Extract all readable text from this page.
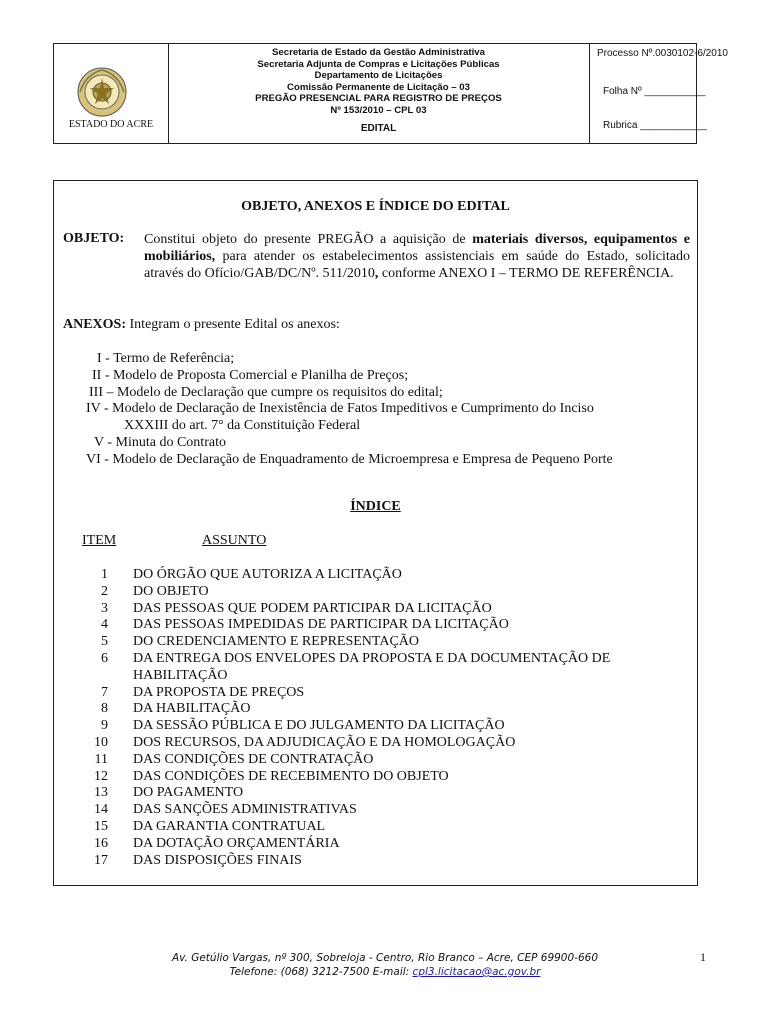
ESTADO DO ACRE
Secretaria de Estado da Gestão Administrativa
Secretaria Adjunta de Compras e Licitações Públicas
Departamento de Licitações
Comissão Permanente de Licitação – 03
PREGÃO PRESENCIAL PARA REGISTRO DE PREÇOS
Nº 153/2010 – CPL 03
EDITAL
Processo Nº.0030102-6/2010
Folha Nº ___________
Rubrica ____________
OBJETO, ANEXOS E ÍNDICE DO EDITAL
OBJETO: Constitui objeto do presente PREGÃO a aquisição de materiais diversos, equipamentos e mobiliários, para atender os estabelecimentos assistenciais em saúde do Estado, solicitado através do Ofício/GAB/DC/Nº. 511/2010, conforme ANEXO I – TERMO DE REFERÊNCIA.
ANEXOS: Integram o presente Edital os anexos:
I - Termo de Referência;
II - Modelo de Proposta Comercial e Planilha de Preços;
III – Modelo de Declaração que cumpre os requisitos do edital;
IV - Modelo de Declaração de Inexistência de Fatos Impeditivos e Cumprimento do Inciso
XXXIII do art. 7° da Constituição Federal
V - Minuta do Contrato
VI - Modelo de Declaração de Enquadramento de Microempresa e Empresa de Pequeno Porte
ÍNDICE
ITEM	ASSUNTO
1 DO ÓRGÃO QUE AUTORIZA A LICITAÇÃO
2 DO OBJETO
3 DAS PESSOAS QUE PODEM PARTICIPAR DA LICITAÇÃO
4 DAS PESSOAS IMPEDIDAS DE PARTICIPAR DA LICITAÇÃO
5 DO CREDENCIAMENTO E REPRESENTAÇÃO
6 DA ENTREGA DOS ENVELOPES DA PROPOSTA E DA DOCUMENTAÇÃO DE HABILITAÇÃO
7 DA PROPOSTA DE PREÇOS
8 DA HABILITAÇÃO
9 DA SESSÃO PÚBLICA E DO JULGAMENTO DA LICITAÇÃO
10 DOS RECURSOS, DA ADJUDICAÇÃO E DA HOMOLOGAÇÃO
11 DAS CONDIÇÕES DE CONTRATAÇÃO
12 DAS CONDIÇÕES DE RECEBIMENTO DO OBJETO
13 DO PAGAMENTO
14 DAS SANÇÕES ADMINISTRATIVAS
15 DA GARANTIA CONTRATUAL
16 DA DOTAÇÃO ORÇAMENTÁRIA
17 DAS DISPOSIÇÕES FINAIS
Av. Getúlio Vargas, nº 300, Sobreloja - Centro, Rio Branco – Acre, CEP 69900-660
Telefone: (068) 3212-7500 E-mail: cpl3.licitacao@ac.gov.br
1
